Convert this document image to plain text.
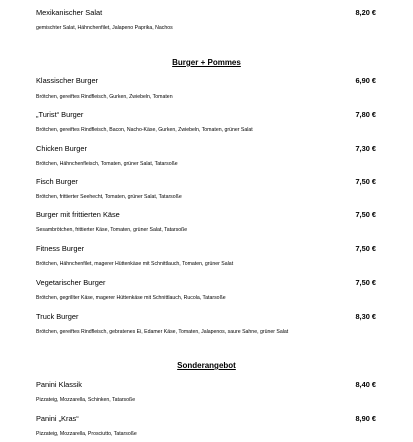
Mexikanischer Salat	8,20 €
gemischter Salat, Hähnchenfilet, Jalapeno Paprika, Nachos
Burger + Pommes
Klassischer Burger	6,90 €
Brötchen, gereiftes Rindfleisch, Gurken, Zwiebeln, Tomaten
„Turist“ Burger	7,80 €
Brötchen, gereiftes Rindfleisch, Bacon, Nacho-Käse, Gurken, Zwiebeln, Tomaten, grüner Salat
Chicken Burger	7,30 €
Brötchen, Hähnchenfleisch, Tomaten, grüner Salat, Tatarsoße
Fisch Burger	7,50 €
Brötchen, frittierter Seehecht, Tomaten, grüner Salat, Tatarsoße
Burger mit frittierten Käse	7,50 €
Sesambrötchen, frittierter Käse, Tomaten, grüner Salat, Tatarsoße
Fitness Burger	7,50 €
Brötchen, Hähnchenfilet, magerer Hüttenkäse mit Schnittlauch, Tomaten, grüner Salat
Vegetarischer Burger	7,50 €
Brötchen, gegrillter Käse, magerer Hüttenkäse mit Schnittlauch, Rucola, Tatarsoße
Truck Burger	8,30 €
Brötchen, gereiftes Rindfleisch, gebratenes Ei, Edamer Käse, Tomaten, Jalapenos, saure Sahne, grüner Salat
Sonderangebot
Panini Klassik	8,40 €
Pizzateig, Mozzarella, Schinken, Tatarsoße
Panini „Kras“	8,90 €
Pizzateig, Mozzarella, Prosciutto, Tatarsoße
